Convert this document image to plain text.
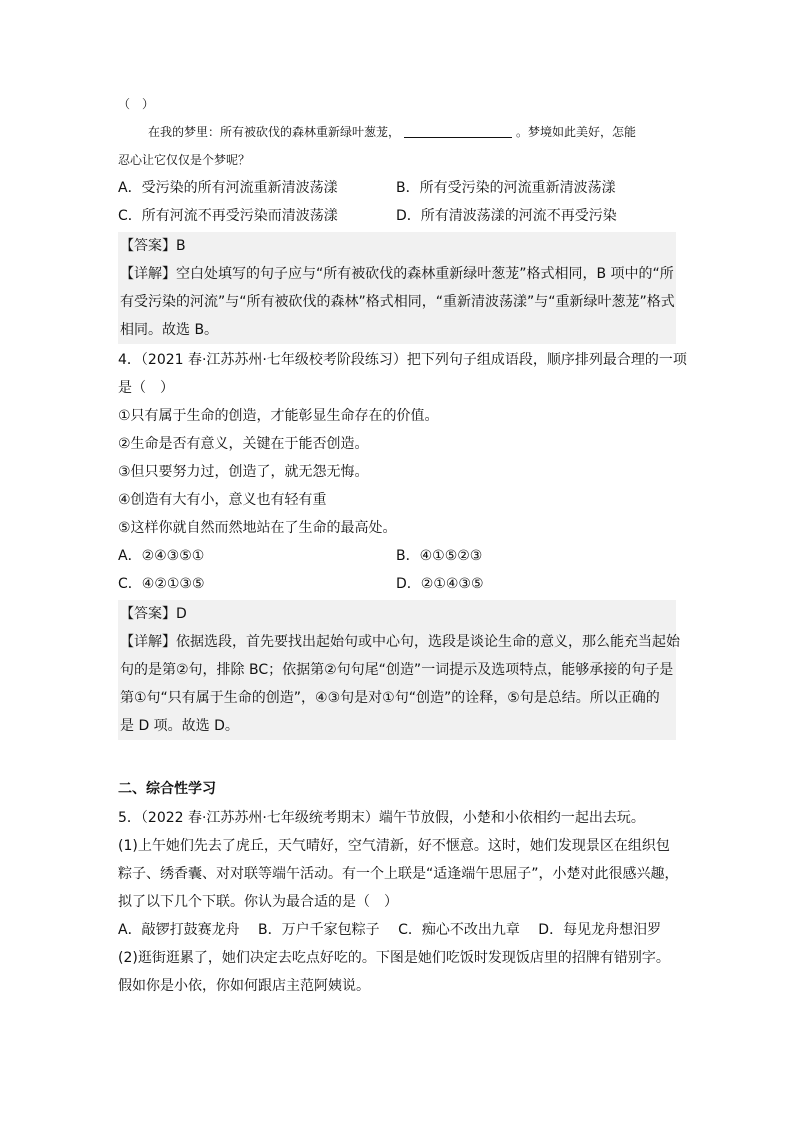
（　）
在我的梦里：所有被砍伐的森林重新绿叶葱茏，	。梦境如此美好，怎能
忍心让它仅仅是个梦呢？
A．受污染的所有河流重新清波荡漾	B．所有受污染的河流重新清波荡漾
C．所有河流不再受污染而清波荡漾	D．所有清波荡漾的河流不再受污染
【答案】B
【详解】空白处填写的句子应与“所有被砍伐的森林重新绿叶葱茏”格式相同，B 项中的“所
有受污染的河流”与“所有被砍伐的森林”格式相同，“重新清波荡漾”与“重新绿叶葱茏”格式
相同。故选 B。
4．（2021 春·江苏苏州·七年级校考阶段练习）把下列句子组成语段，顺序排列最合理的一项
是（　）
①只有属于生命的创造，才能彰显生命存在的价值。
②生命是否有意义，关键在于能否创造。
③但只要努力过，创造了，就无怨无悔。
④创造有大有小，意义也有轻有重
⑤这样你就自然而然地站在了生命的最高处。
A．②④③⑤①	B．④①⑤②③
C．④②①③⑤	D．②①④③⑤
【答案】D
【详解】依据选段，首先要找出起始句或中心句，选段是谈论生命的意义，那么能充当起始
句的是第②句，排除 BC；依据第②句句尾“创造”一词提示及选项特点，能够承接的句子是
第①句“只有属于生命的创造”，④③句是对①句“创造”的诠释，⑤句是总结。所以正确的
是 D 项。故选 D。
二、综合性学习
5．（2022 春·江苏苏州·七年级统考期末）端午节放假，小楚和小依相约一起出去玩。
(1)上午她们先去了虎丘，天气晴好，空气清新，好不惬意。这时，她们发现景区在组织包
粽子、绣香囊、对对联等端午活动。有一个上联是“适逢端午思屈子”，小楚对此很感兴趣，
拟了以下几个下联。你认为最合适的是（　）
A．敲锣打鼓赛龙舟　 B．万户千家包粽子　 C．痴心不改出九章　 D．每见龙舟想汨罗
(2)逛街逛累了，她们决定去吃点好吃的。下图是她们吃饭时发现饭店里的招牌有错别字。
假如你是小依，你如何跟店主范阿姨说。
